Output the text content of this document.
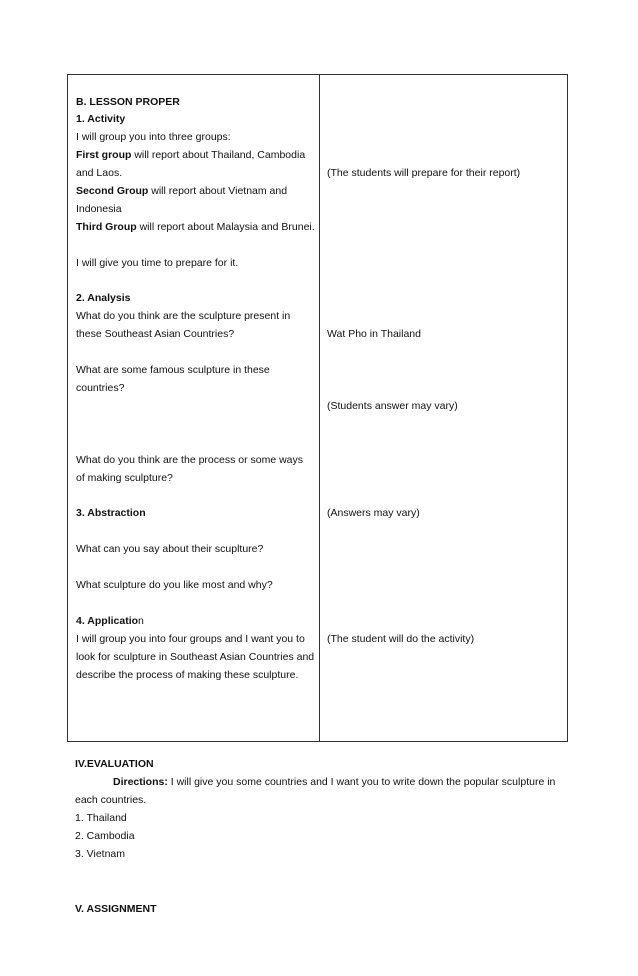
B. LESSON PROPER
1. Activity
I will group you into three groups:
First group will report about Thailand, Cambodia
and Laos.
Second Group will report about Vietnam and
Indonesia
Third Group will report about Malaysia and Brunei.
I will give you time to prepare for it.
2. Analysis
What do you think are the sculpture present in
these Southeast Asian Countries?
What are some famous sculpture in these
countries?
What do you think are the process or some ways
of making sculpture?
3. Abstraction
What can you say about their scuplture?
What sculpture do you like most and why?
4. Application
I will group you into four groups and I want you to
look for sculpture in Southeast Asian Countries and
describe the process of making these sculpture.
(The students will prepare for their report)
Wat Pho in Thailand
(Students answer may vary)
(Answers may vary)
(The student will do the activity)
IV.EVALUATION
Directions: I will give you some countries and I want you to write down the popular sculpture in
each countries.
1. Thailand
2. Cambodia
3. Vietnam
V. ASSIGNMENT
